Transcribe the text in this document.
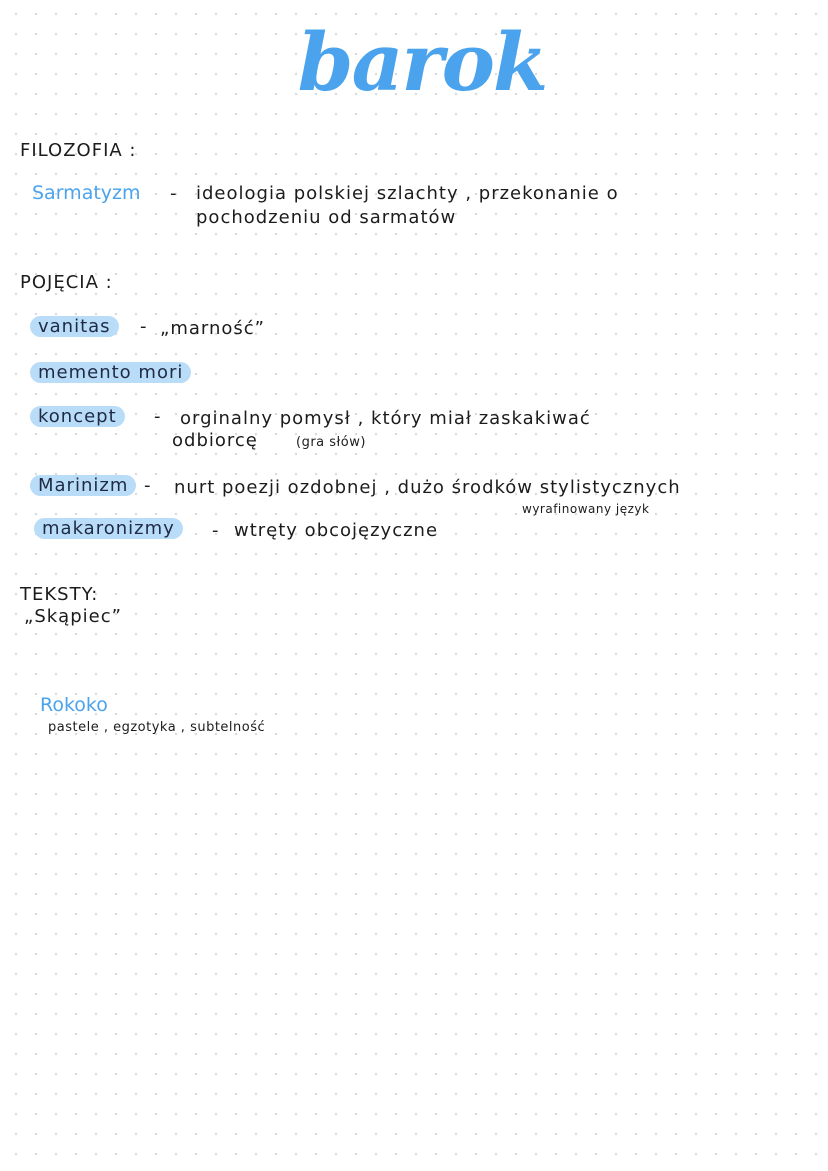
barok
FILOZOFIA :
Sarmatyzm - ideologia polskiej szlachty , przekonanie o
pochodzeniu od sarmatów
POJĘCIA :
vanitas	- „marność”
memento mori
koncept	- orginalny pomysł , który miał zaskakiwać
odbiorcę	(gra słów)
Marinizm - nurt poezji ozdobnej , dużo środków stylistycznych
wyrafinowany język
makaronizmy	- wtręty obcojęzyczne
TEKSTY:
„Skąpiec”
Rokoko
pastele , egzotyka , subtelność
